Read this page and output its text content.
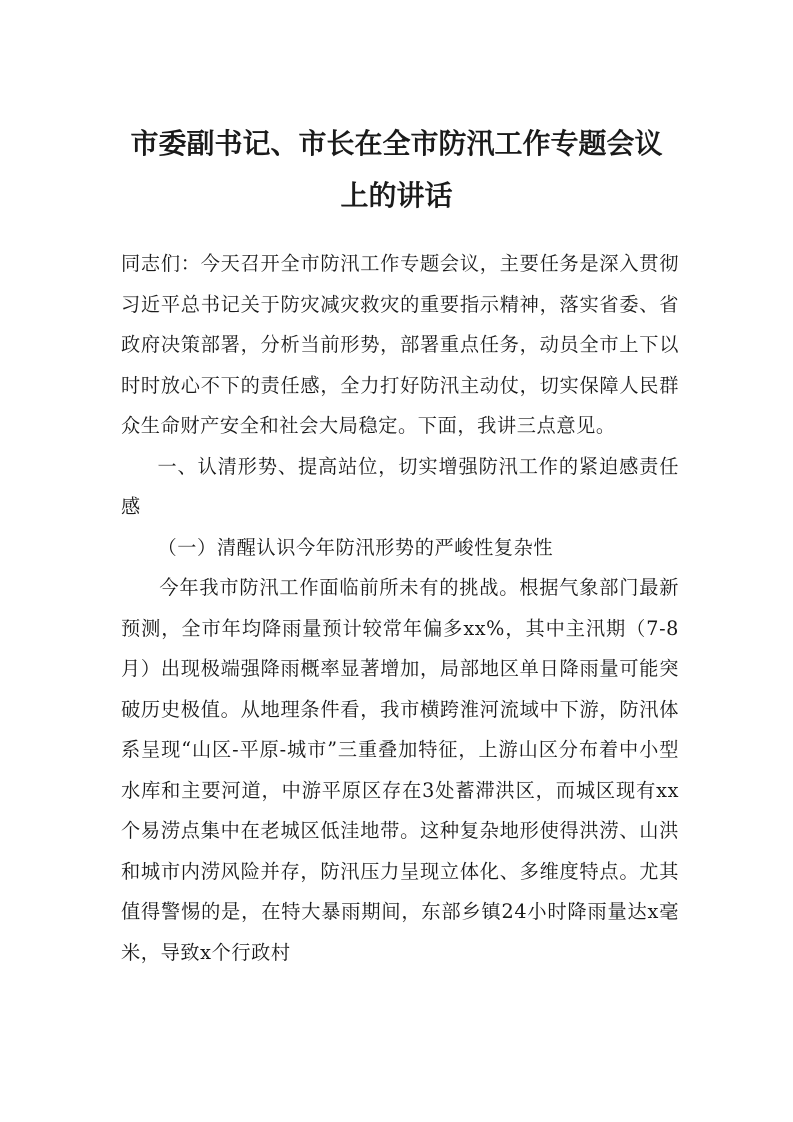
市委副书记、市长在全市防汛工作专题会议
上的讲话

同志们：今天召开全市防汛工作专题会议，主要任务是深入贯彻习近平总书记关于防灾减灾救灾的重要指示精神，落实省委、省政府决策部署，分析当前形势，部署重点任务，动员全市上下以时时放心不下的责任感，全力打好防汛主动仗，切实保障人民群众生命财产安全和社会大局稳定。下面，我讲三点意见。

一、认清形势、提高站位，切实增强防汛工作的紧迫感责任感

（一）清醒认识今年防汛形势的严峻性复杂性

今年我市防汛工作面临前所未有的挑战。根据气象部门最新预测，全市年均降雨量预计较常年偏多xx%，其中主汛期（7-8月）出现极端强降雨概率显著增加，局部地区单日降雨量可能突破历史极值。从地理条件看，我市横跨淮河流域中下游，防汛体系呈现“山区-平原-城市”三重叠加特征，上游山区分布着中小型水库和主要河道，中游平原区存在3处蓄滞洪区，而城区现有xx个易涝点集中在老城区低洼地带。这种复杂地形使得洪涝、山洪和城市内涝风险并存，防汛压力呈现立体化、多维度特点。尤其值得警惕的是，在特大暴雨期间，东部乡镇24小时降雨量达x毫米，导致x个行政村
